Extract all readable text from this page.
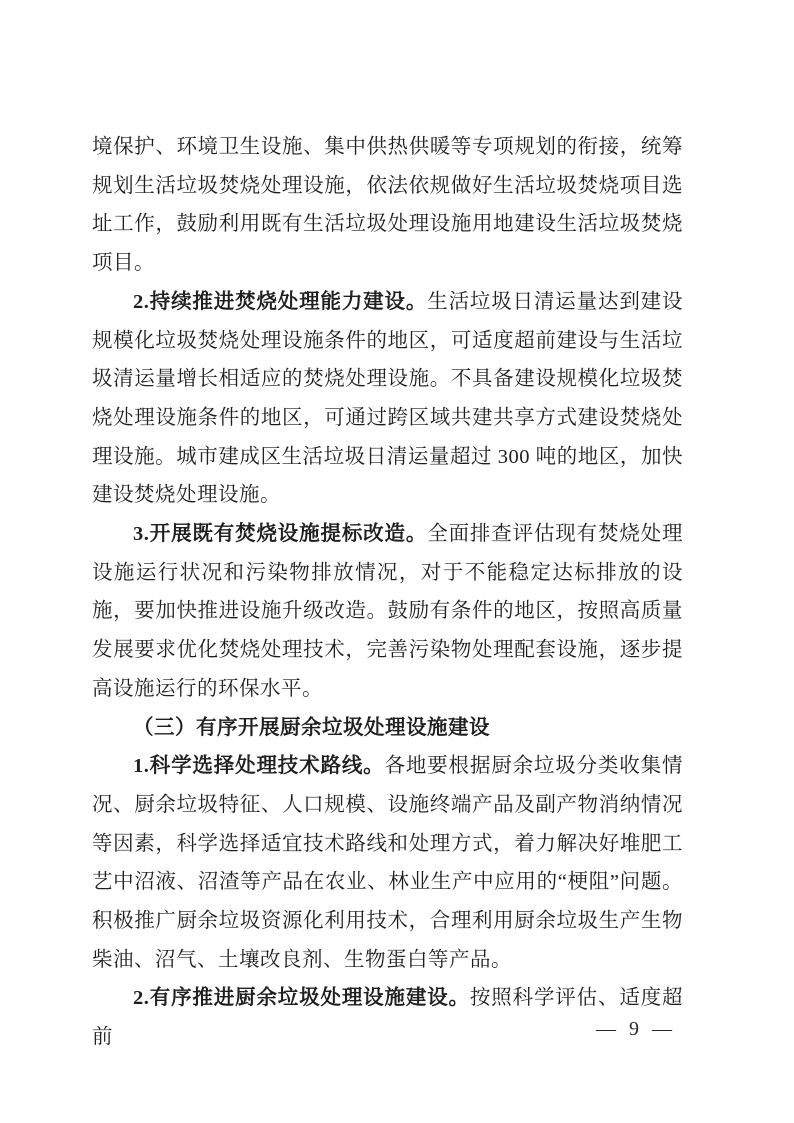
境保护、环境卫生设施、集中供热供暖等专项规划的衔接，统筹规划生活垃圾焚烧处理设施，依法依规做好生活垃圾焚烧项目选址工作，鼓励利用既有生活垃圾处理设施用地建设生活垃圾焚烧项目。

2.持续推进焚烧处理能力建设。生活垃圾日清运量达到建设规模化垃圾焚烧处理设施条件的地区，可适度超前建设与生活垃圾清运量增长相适应的焚烧处理设施。不具备建设规模化垃圾焚烧处理设施条件的地区，可通过跨区域共建共享方式建设焚烧处理设施。城市建成区生活垃圾日清运量超过 300 吨的地区，加快建设焚烧处理设施。

3.开展既有焚烧设施提标改造。全面排查评估现有焚烧处理设施运行状况和污染物排放情况，对于不能稳定达标排放的设施，要加快推进设施升级改造。鼓励有条件的地区，按照高质量发展要求优化焚烧处理技术，完善污染物处理配套设施，逐步提高设施运行的环保水平。

（三）有序开展厨余垃圾处理设施建设

1.科学选择处理技术路线。各地要根据厨余垃圾分类收集情况、厨余垃圾特征、人口规模、设施终端产品及副产物消纳情况等因素，科学选择适宜技术路线和处理方式，着力解决好堆肥工艺中沼液、沼渣等产品在农业、林业生产中应用的“梗阻”问题。积极推广厨余垃圾资源化利用技术，合理利用厨余垃圾生产生物柴油、沼气、土壤改良剂、生物蛋白等产品。

2.有序推进厨余垃圾处理设施建设。按照科学评估、适度超前	— 9 —
